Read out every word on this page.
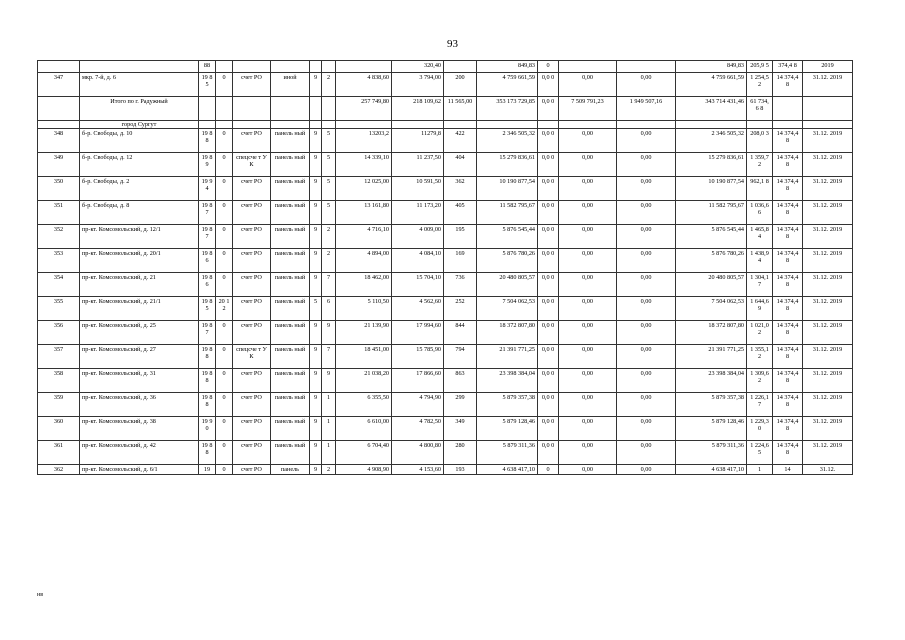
93
		88							320,40		849,83	0			849,83	205,9 5	374,4 8	2019
347	мкр. 7-й, д. 6	19 85	0	счет РО	иной	9	2	4 838,60	3 794,00	200	4 759 661,59	0,0 0	0,00	0,00	4 759 661,59	1 254,5 2	14 374,4 8	31.12. 2019
	Итого по г. Радужный							257 749,80	218 109,62	11 565,00	353 173 729,85	0,0 0	7 509 791,23	1 949 507,16	343 714 431,46	61 734,6 8		
	город Сургут																	
348	б-р. Свободы, д. 10	19 88	0	счет РО	панель ный	9	5	13203,2	11279,8	422	2 346 505,32	0,0 0	0,00	0,00	2 346 505,32	208,0 3	14 374,4 8	31.12. 2019
349	б-р. Свободы, д. 12	19 89	0	спецсче т УК	панель ный	9	5	14 339,10	11 237,50	404	15 279 836,61	0,0 0	0,00	0,00	15 279 836,61	1 359,7 2	14 374,4 8	31.12. 2019
350	б-р. Свободы, д. 2	19 94	0	счет РО	панель ный	9	5	12 025,00	10 591,50	362	10 190 877,54	0,0 0	0,00	0,00	10 190 877,54	962,1 8	14 374,4 8	31.12. 2019
351	б-р. Свободы, д. 8	19 87	0	счет РО	панель ный	9	5	13 161,80	11 173,20	405	11 582 795,67	0,0 0	0,00	0,00	11 582 795,67	1 036,6 6	14 374,4 8	31.12. 2019
352	пр-кт. Комсомольский, д. 12/1	19 87	0	счет РО	панель ный	9	2	4 716,10	4 009,00	195	5 876 545,44	0,0 0	0,00	0,00	5 876 545,44	1 465,8 4	14 374,4 8	31.12. 2019
353	пр-кт. Комсомольский, д. 20/1	19 86	0	счет РО	панель ный	9	2	4 894,00	4 084,10	169	5 876 780,26	0,0 0	0,00	0,00	5 876 780,26	1 438,9 4	14 374,4 8	31.12. 2019
354	пр-кт. Комсомольский, д. 21	19 86	0	счет РО	панель ный	9	7	18 462,00	15 704,10	736	20 480 805,57	0,0 0	0,00	0,00	20 480 805,57	1 304,1 7	14 374,4 8	31.12. 2019
355	пр-кт. Комсомольский, д. 21/1	19 85	20 12	счет РО	панель ный	5	6	5 110,50	4 562,60	252	7 504 062,53	0,0 0	0,00	0,00	7 504 062,53	1 644,6 9	14 374,4 8	31.12. 2019
356	пр-кт. Комсомольский, д. 25	19 87	0	счет РО	панель ный	9	9	21 139,90	17 994,60	844	18 372 807,80	0,0 0	0,00	0,00	18 372 807,80	1 021,0 2	14 374,4 8	31.12. 2019
357	пр-кт. Комсомольский, д. 27	19 88	0	спецсче т УК	панель ный	9	7	18 451,00	15 785,90	794	21 391 771,25	0,0 0	0,00	0,00	21 391 771,25	1 355,1 2	14 374,4 8	31.12. 2019
358	пр-кт. Комсомольский, д. 31	19 88	0	счет РО	панель ный	9	9	21 038,20	17 866,60	863	23 398 384,04	0,0 0	0,00	0,00	23 398 384,04	1 309,6 2	14 374,4 8	31.12. 2019
359	пр-кт. Комсомольский, д. 36	19 88	0	счет РО	панель ный	9	1	6 355,50	4 794,90	299	5 879 357,38	0,0 0	0,00	0,00	5 879 357,38	1 226,1 7	14 374,4 8	31.12. 2019
360	пр-кт. Комсомольский, д. 38	19 90	0	счет РО	панель ный	9	1	6 610,00	4 782,50	349	5 879 128,46	0,0 0	0,00	0,00	5 879 128,46	1 229,3 0	14 374,4 8	31.12. 2019
361	пр-кт. Комсомольский, д. 42	19 88	0	счет РО	панель ный	9	1	6 704,40	4 800,80	280	5 879 311,36	0,0 0	0,00	0,00	5 879 311,36	1 224,6 5	14 374,4 8	31.12. 2019
362	пр-кт. Комсомольский, д. 6/1	19	0	счет РО	панель	9	2	4 908,90	4 153,60	193	4 638 417,10	0	0,00	0,00	4 638 417,10	1	14	31.12.
нв
